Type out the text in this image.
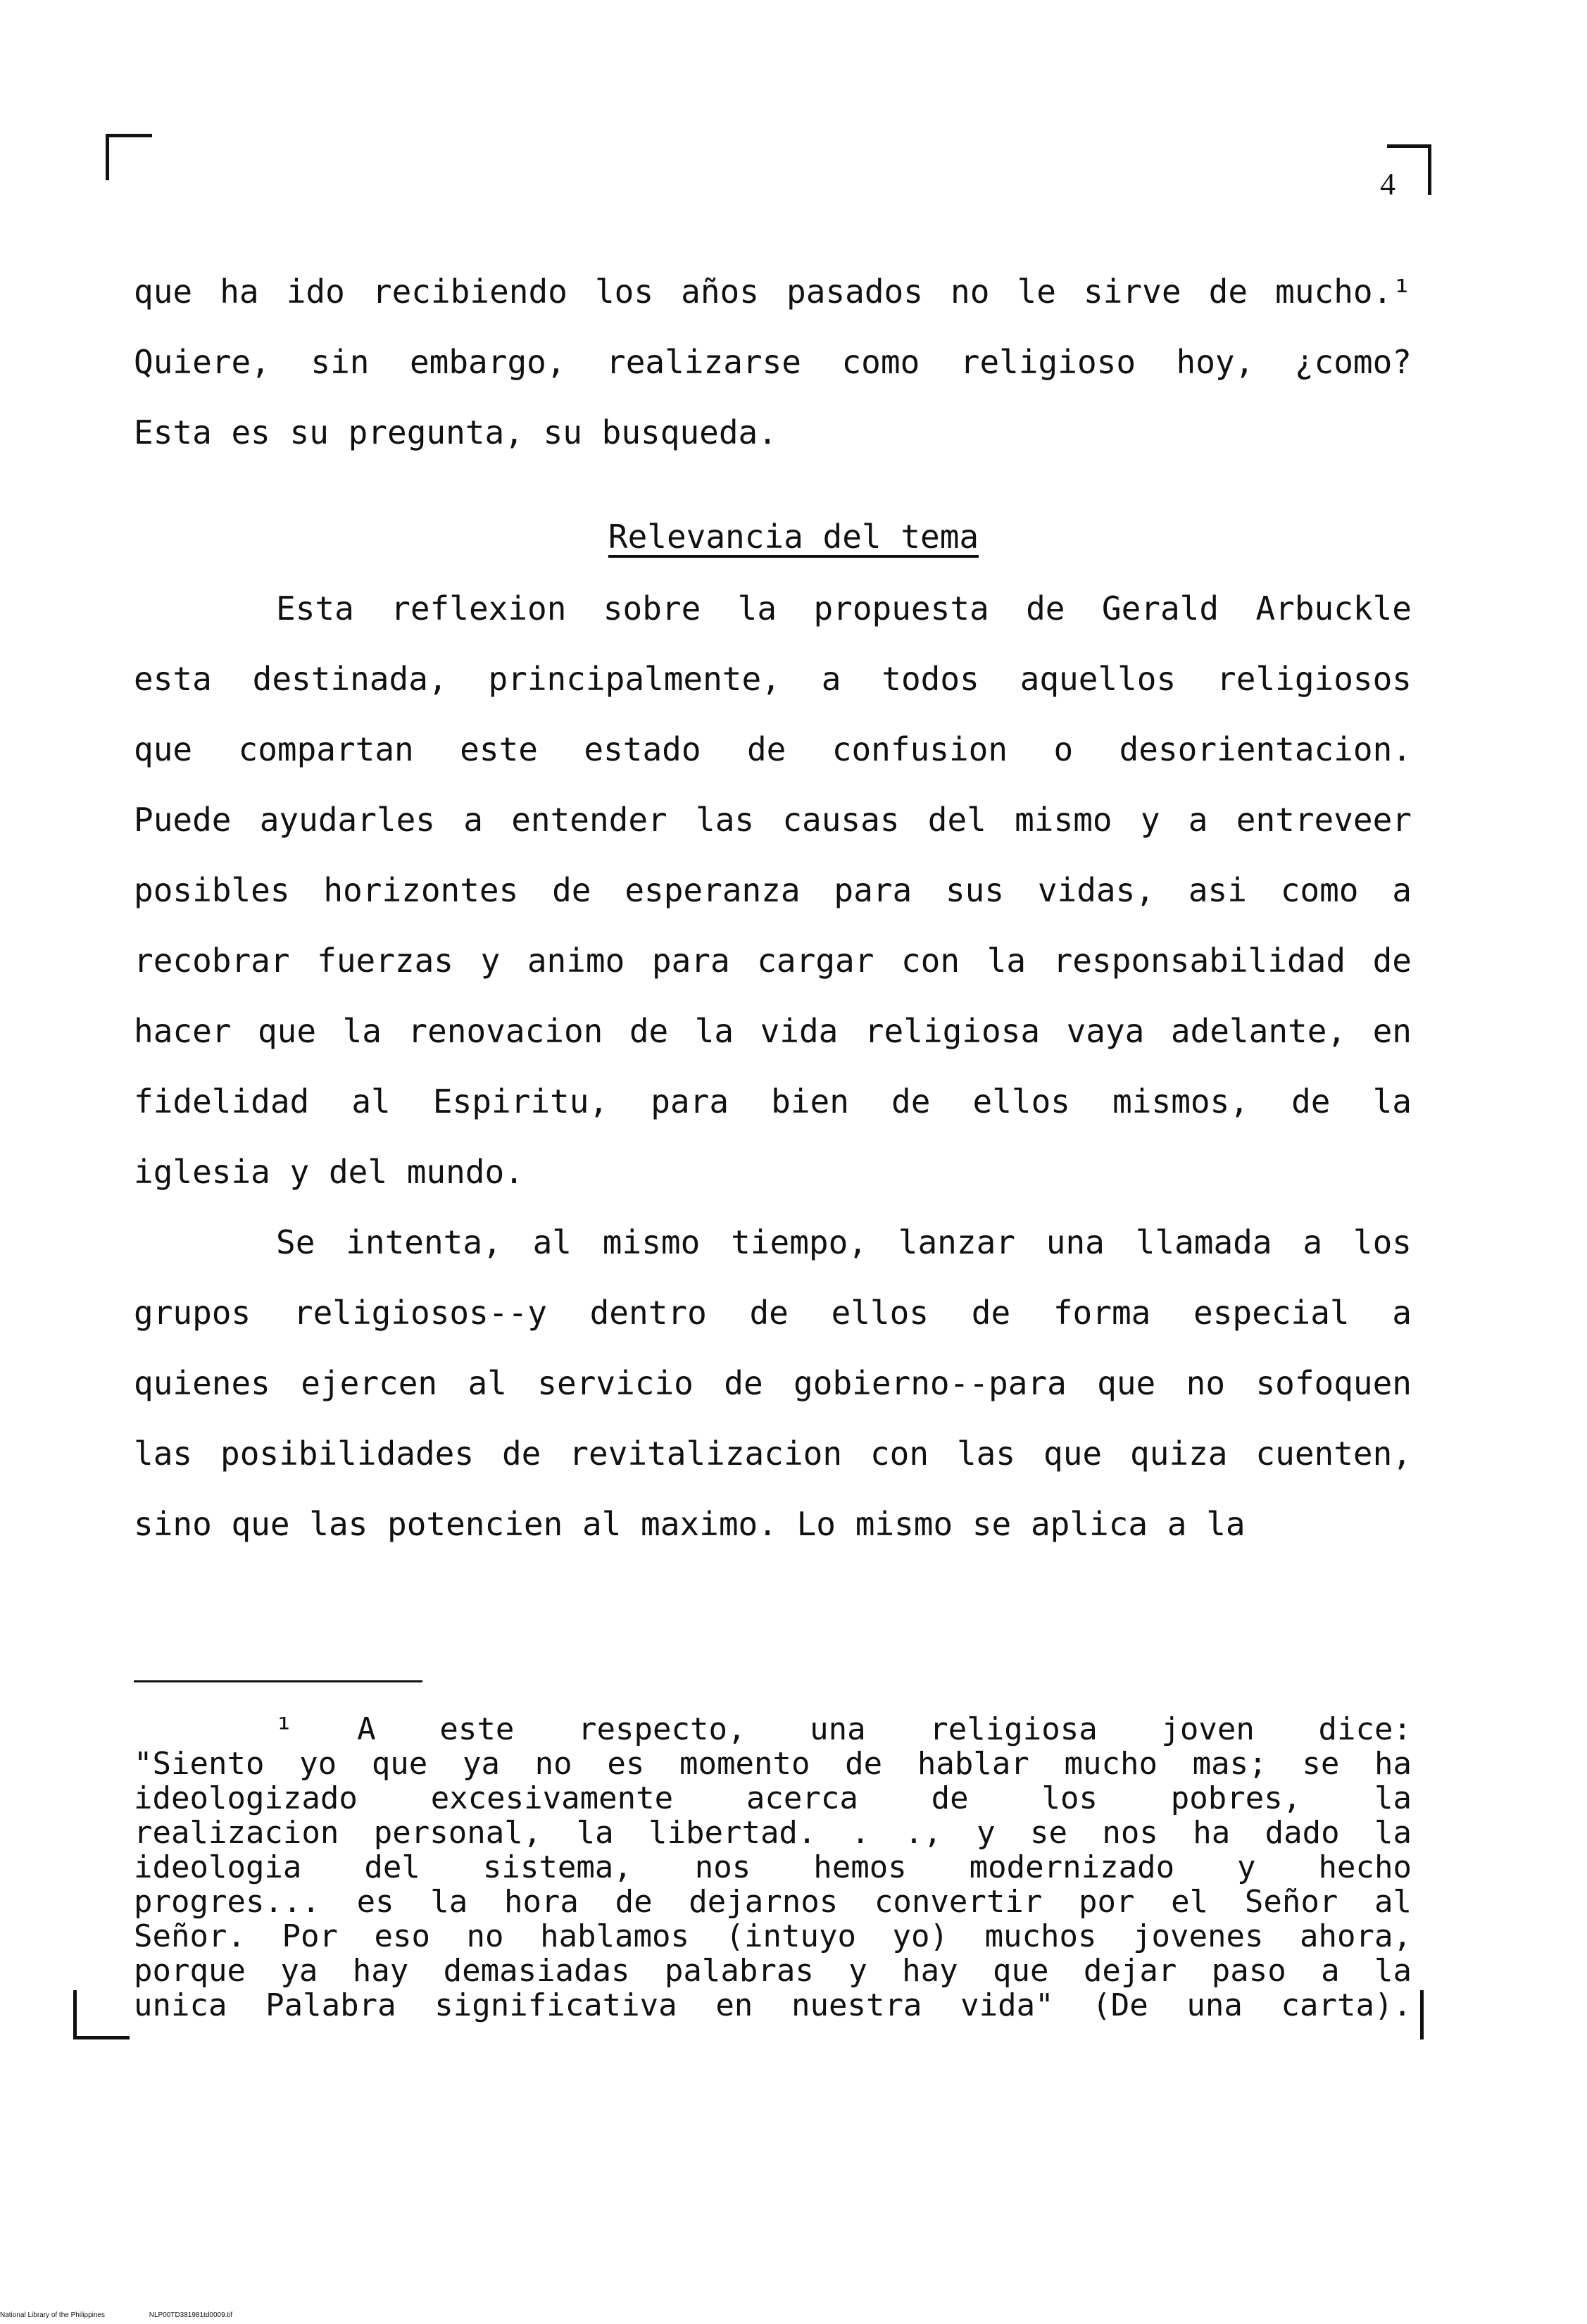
4
que ha ido recibiendo los años pasados no le sirve de mucho.¹
Quiere, sin embargo, realizarse como religioso hoy, ¿como?
Esta es su pregunta, su busqueda.
Relevancia del tema
Esta reflexion sobre la propuesta de Gerald Arbuckle
esta destinada, principalmente, a todos aquellos religiosos
que compartan este estado de confusion o desorientacion.
Puede ayudarles a entender las causas del mismo y a entreveer
posibles horizontes de esperanza para sus vidas, asi como a
recobrar fuerzas y animo para cargar con la responsabilidad de
hacer que la renovacion de la vida religiosa vaya adelante, en
fidelidad al Espiritu, para bien de ellos mismos, de la
iglesia y del mundo.
Se intenta, al mismo tiempo, lanzar una llamada a los
grupos religiosos--y dentro de ellos de forma especial a
quienes ejercen al servicio de gobierno--para que no sofoquen
las posibilidades de revitalizacion con las que quiza cuenten,
sino que las potencien al maximo. Lo mismo se aplica a la
¹ A este respecto, una religiosa joven dice:
"Siento yo que ya no es momento de hablar mucho mas; se ha
ideologizado excesivamente acerca de los pobres, la
realizacion personal, la libertad. . ., y se nos ha dado la
ideologia del sistema, nos hemos modernizado y hecho
progres... es la hora de dejarnos convertir por el Señor al
Señor. Por eso no hablamos (intuyo yo) muchos jovenes ahora,
porque ya hay demasiadas palabras y hay que dejar paso a la
unica Palabra significativa en nuestra vida" (De una carta).
National Library of the Philippines	NLP00TD381981td0009.tif
